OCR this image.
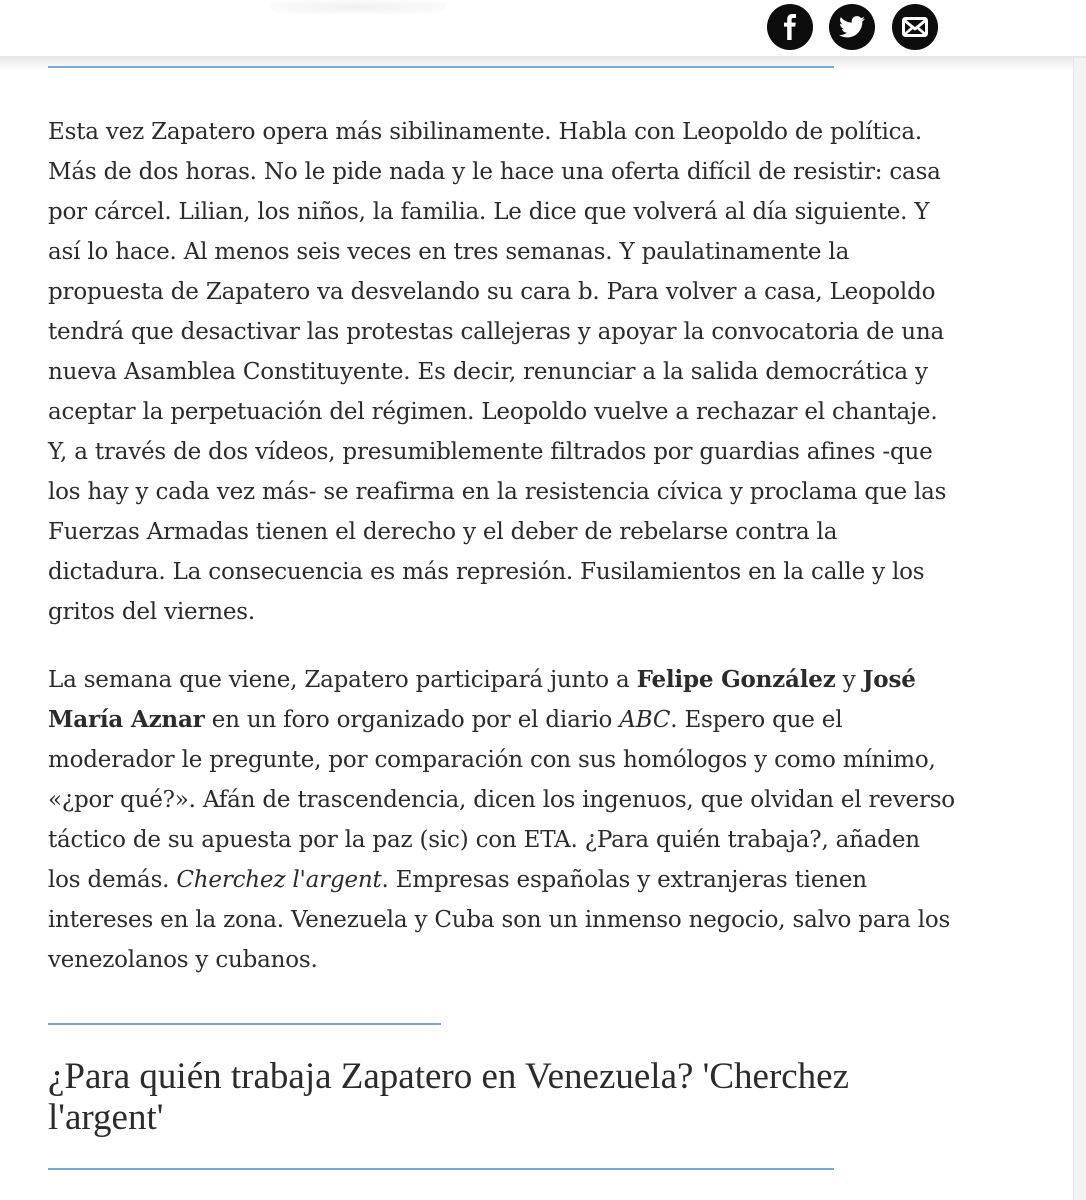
Esta vez Zapatero opera más sibilinamente. Habla con Leopoldo de política. Más de dos horas. No le pide nada y le hace una oferta difícil de resistir: casa por cárcel. Lilian, los niños, la familia. Le dice que volverá al día siguiente. Y así lo hace. Al menos seis veces en tres semanas. Y paulatinamente la propuesta de Zapatero va desvelando su cara b. Para volver a casa, Leopoldo tendrá que desactivar las protestas callejeras y apoyar la convocatoria de una nueva Asamblea Constituyente. Es decir, renunciar a la salida democrática y aceptar la perpetuación del régimen. Leopoldo vuelve a rechazar el chantaje. Y, a través de dos vídeos, presumiblemente filtrados por guardias afines -que los hay y cada vez más- se reafirma en la resistencia cívica y proclama que las Fuerzas Armadas tienen el derecho y el deber de rebelarse contra la dictadura. La consecuencia es más represión. Fusilamientos en la calle y los gritos del viernes.

La semana que viene, Zapatero participará junto a Felipe González y José María Aznar en un foro organizado por el diario ABC. Espero que el moderador le pregunte, por comparación con sus homólogos y como mínimo, «¿por qué?». Afán de trascendencia, dicen los ingenuos, que olvidan el reverso táctico de su apuesta por la paz (sic) con ETA. ¿Para quién trabaja?, añaden los demás. Cherchez l'argent. Empresas españolas y extranjeras tienen intereses en la zona. Venezuela y Cuba son un inmenso negocio, salvo para los venezolanos y cubanos.

¿Para quién trabaja Zapatero en Venezuela? 'Cherchez l'argent'
